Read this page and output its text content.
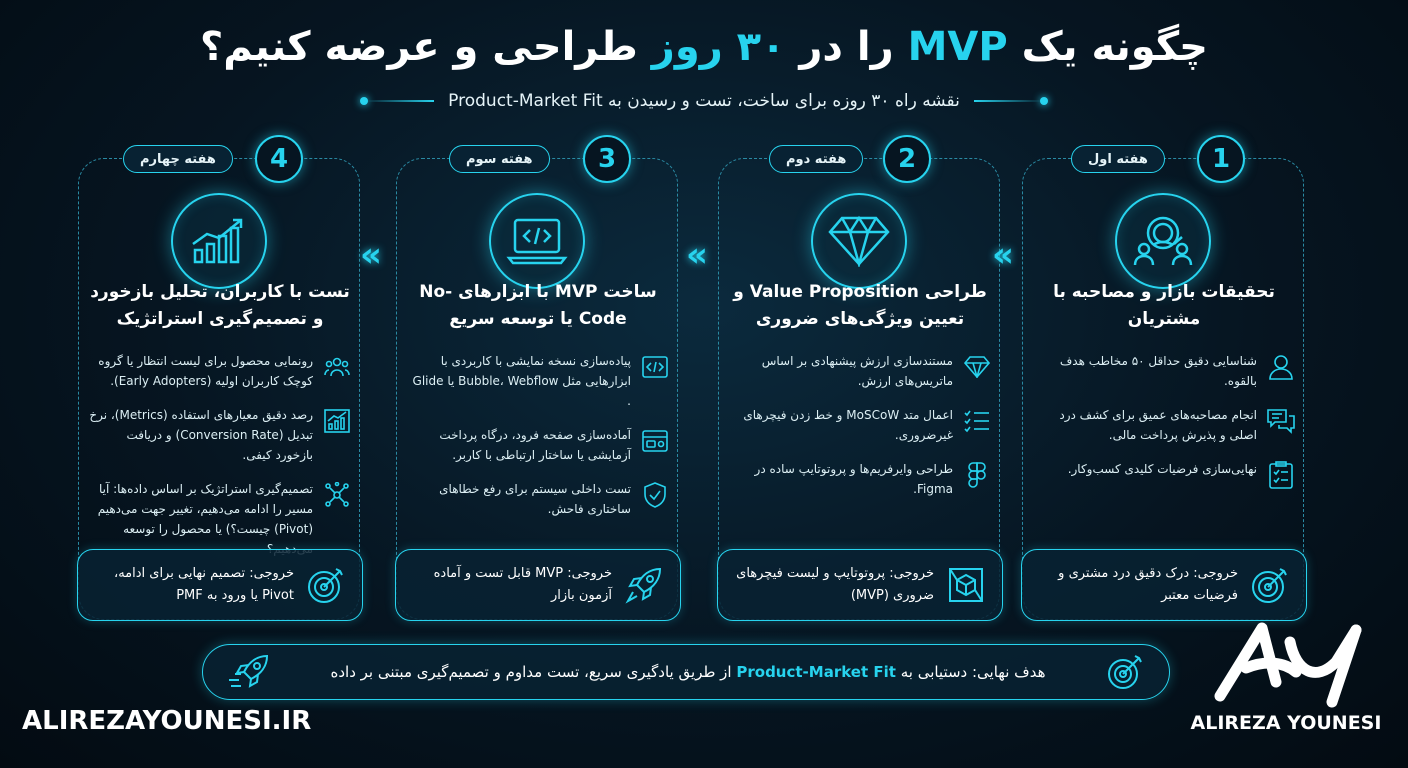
چگونه یک MVP را در ۳۰ روز طراحی و عرضه کنیم؟
نقشه راه ۳۰ روزه برای ساخت، تست و رسیدن به Product-Market Fit
هفته چهارم	4
تست با کاربران، تحلیل بازخورد و تصمیم‌گیری استراتژیک
رونمایی محصول برای لیست انتظار یا گروه کوچک کاربران اولیه (Early Adopters).
رصد دقیق معیارهای استفاده (Metrics)، نرخ تبدیل (Conversion Rate) و دریافت بازخورد کیفی.
تصمیم‌گیری استراتژیک بر اساس داده‌ها: آیا مسیر را ادامه می‌دهیم، تغییر جهت می‌دهیم (Pivot) چیست؟) یا محصول را توسعه
خروجی: تصمیم نهایی برای ادامه، Pivot یا ورود به PMF
«
هفته سوم	3
ساخت MVP با ابزارهای No-Code یا توسعه سریع
پیاده‌سازی نسخه نمایشی با کاربردی با ابزارهایی مثل Bubble، Webflow یا Glide .
آماده‌سازی صفحه فرود، درگاه پرداخت آزمایشی یا ساختار ارتباطی با کاربر.
تست داخلی سیستم برای رفع خطاهای ساختاری فاحش.
خروجی: MVP قابل تست و آماده آزمون بازار
«
هفته دوم	2
طراحی Value Proposition و تعیین ویژگی‌های ضروری
مستندسازی ارزش پیشنهادی بر اساس ماتریس‌های ارزش.
اعمال متد MoSCoW و خط زدن فیچرهای غیرضروری.
طراحی وایرفریم‌ها و پروتوتایپ ساده در Figma.
خروجی: پروتوتایپ و لیست فیچرهای ضروری (MVP)
«
هفته اول	1
تحقیقات بازار و مصاحبه با مشتریان
شناسایی دقیق حداقل ۵۰ مخاطب هدف بالقوه.
انجام مصاحبه‌های عمیق برای کشف درد اصلی و پذیرش پرداخت مالی.
نهایی‌سازی فرضیات کلیدی کسب‌وکار.
خروجی: درک دقیق درد مشتری و فرضیات معتبر
هدف نهایی: دستیابی به Product-Market Fit از طریق یادگیری سریع، تست مداوم و تصمیم‌گیری مبتنی بر داده
ALIREZAYOUNESI.IR	ALIREZA YOUNESI
